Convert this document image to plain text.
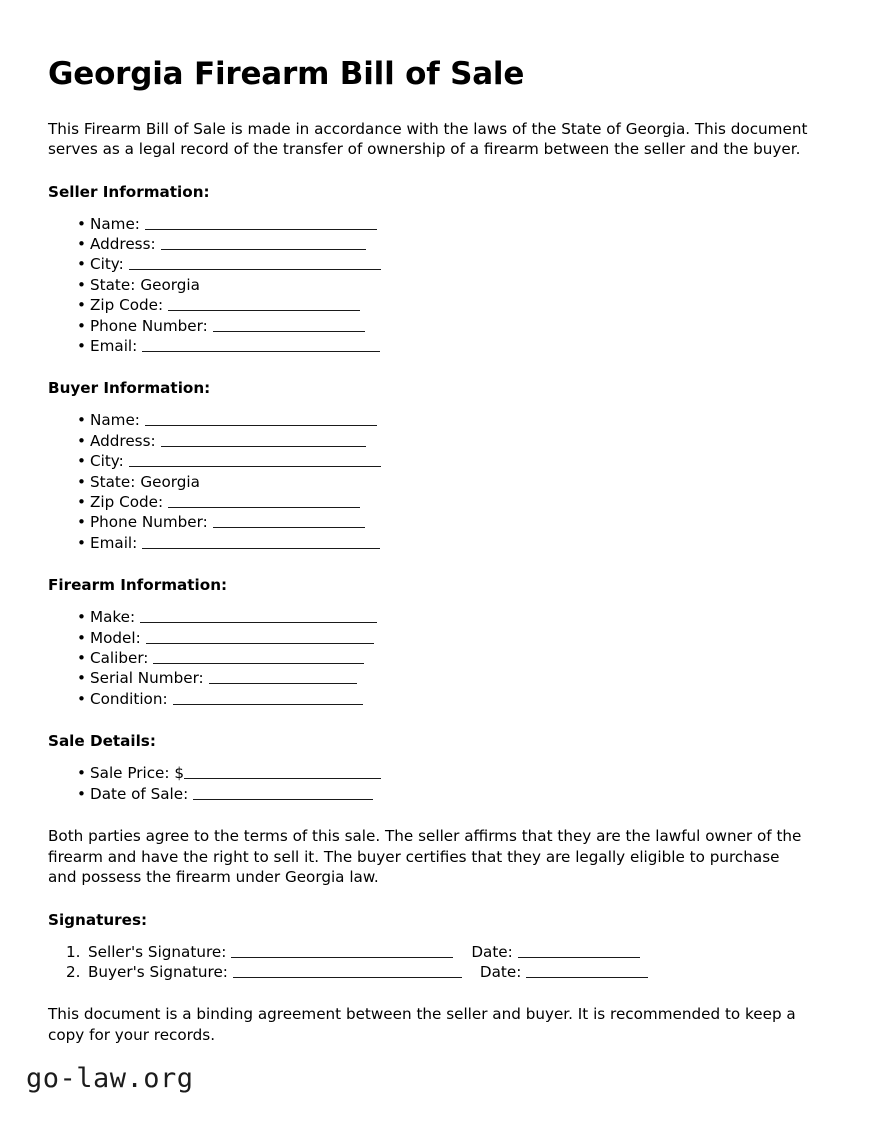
Georgia Firearm Bill of Sale

This Firearm Bill of Sale is made in accordance with the laws of the State of Georgia. This document serves as a legal record of the transfer of ownership of a firearm between the seller and the buyer.

Seller Information:
• Name:
• Address:
• City:
• State: Georgia
• Zip Code:
• Phone Number:
• Email:
Buyer Information:
• Name:
• Address:
• City:
• State: Georgia
• Zip Code:
• Phone Number:
• Email:
Firearm Information:
• Make:
• Model:
• Caliber:
• Serial Number:
• Condition:
Sale Details:
• Sale Price: $
• Date of Sale:

Both parties agree to the terms of this sale. The seller affirms that they are the lawful owner of the firearm and have the right to sell it. The buyer certifies that they are legally eligible to purchase and possess the firearm under Georgia law.

Signatures:
Seller's Signature:	Date:
Buyer's Signature:	Date:

This document is a binding agreement between the seller and buyer. It is recommended to keep a copy for your records.

go-law.org
